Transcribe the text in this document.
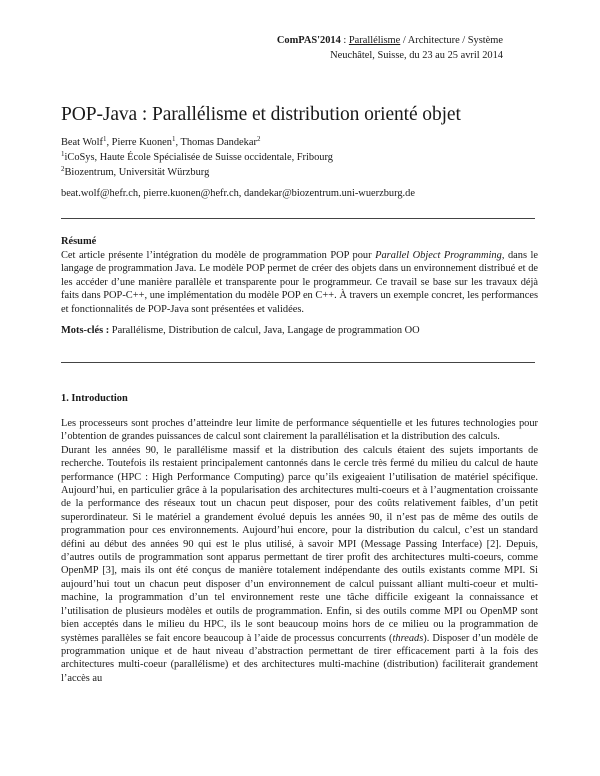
ComPAS'2014 : Parallélisme / Architecture / Système
Neuchâtel, Suisse, du 23 au 25 avril 2014
POP-Java : Parallélisme et distribution orienté objet
Beat Wolf$^1$, Pierre Kuonen$^1$, Thomas Dandekar$^2$
$^1$iCoSys, Haute École Spécialisée de Suisse occidentale, Fribourg
$^2$Biozentrum, Universität Würzburg
beat.wolf@hefr.ch, pierre.kuonen@hefr.ch, dandekar@biozentrum.uni-wuerzburg.de
Résumé

Cet article présente l’intégration du modèle de programmation POP pour Parallel Object Programming, dans le langage de programmation Java. Le modèle POP permet de créer des objets dans un environnement distribué et de les accéder d’une manière parallèle et transparente pour le programmeur. Ce travail se base sur les travaux déjà faits dans POP-C++, une implémentation du modèle POP en C++. À travers un exemple concret, les performances et fonctionnalités de POP-Java sont présentées et validées.

Mots-clés : Parallélisme, Distribution de calcul, Java, Langage de programmation OO

1. Introduction

Les processeurs sont proches d’atteindre leur limite de performance séquentielle et les futures technologies pour l’obtention de grandes puissances de calcul sont clairement la parallélisation et la distribution des calculs.

Durant les années 90, le parallélisme massif et la distribution des calculs étaient des sujets importants de recherche. Toutefois ils restaient principalement cantonnés dans le cercle très fermé du milieu du calcul de haute performance (HPC : High Performance Computing) parce qu’ils exigeaient l’utilisation de matériel spécifique. Aujourd’hui, en particulier grâce à la popularisation des architectures multi-coeurs et à l’augmentation croissante de la performance des réseaux tout un chacun peut disposer, pour des coûts relativement faibles, d’un petit superordinateur. Si le matériel a grandement évolué depuis les années 90, il n’est pas de même des outils de programmation pour ces environnements. Aujourd’hui encore, pour la distribution du calcul, c’est un standard défini au début des années 90 qui est le plus utilisé, à savoir MPI (Message Passing Interface) [2]. Depuis, d’autres outils de programmation sont apparus permettant de tirer profit des architectures multi-coeurs, comme OpenMP [3], mais ils ont été conçus de manière totalement indépendante des outils existants comme MPI. Si aujourd’hui tout un chacun peut disposer d’un environnement de calcul puissant alliant multi-coeur et multi-machine, la programmation d’un tel environnement reste une tâche difficile exigeant la connaissance et l’utilisation de plusieurs modèles et outils de programmation. Enfin, si des outils comme MPI ou OpenMP sont bien acceptés dans le milieu du HPC, ils le sont beaucoup moins hors de ce milieu ou la programmation de systèmes parallèles se fait encore beaucoup à l’aide de processus concurrents (threads). Disposer d’un modèle de programmation unique et de haut niveau d’abstraction permettant de tirer efficacement parti à la fois des architectures multi-coeur (parallélisme) et des architectures multi-machine (distribution) faciliterait grandement l’accès au
